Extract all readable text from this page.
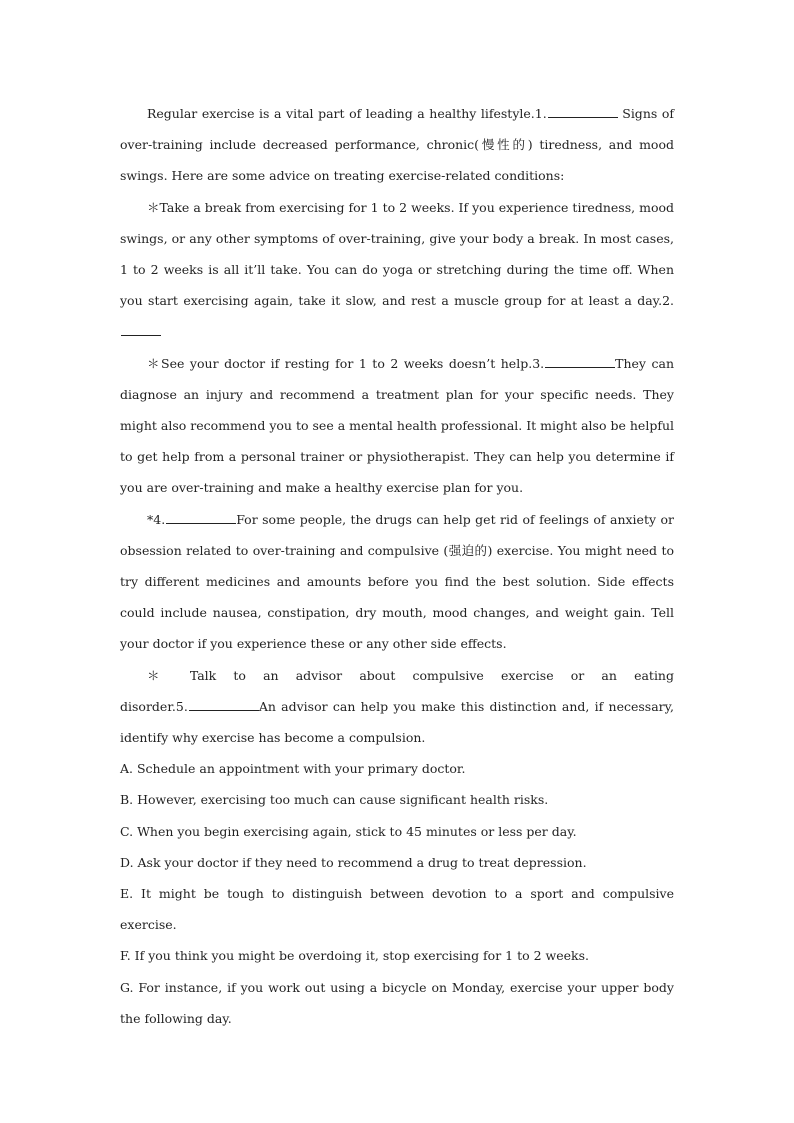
Regular exercise is a vital part of leading a healthy lifestyle.1.	Signs of over-training include decreased performance, chronic(慢性的) tiredness, and mood swings. Here are some advice on treating exercise-related conditions:

＊Take a break from exercising for 1 to 2 weeks. If you experience tiredness, mood swings, or any other symptoms of over-training, give your body a break. In most cases, 1 to 2 weeks is all it’ll take. You can do yoga or stretching during the time off. When you start exercising again, take it slow, and rest a muscle group for at least a day.2.

＊See your doctor if resting for 1 to 2 weeks doesn’t help.3.	They can diagnose an injury and recommend a treatment plan for your specific needs. They might also recommend you to see a mental health professional. It might also be helpful to get help from a personal trainer or physiotherapist. They can help you determine if you are over-training and make a healthy exercise plan for you.

*4.	For some people, the drugs can help get rid of feelings of anxiety or obsession related to over-training and compulsive (强迫的) exercise. You might need to try different medicines and amounts before you find the best solution. Side effects could include nausea, constipation, dry mouth, mood changes, and weight gain. Tell your doctor if you experience these or any other side effects.

＊ Talk to an advisor about compulsive exercise or an eating

disorder.5.	An advisor can help you make this distinction and, if necessary, identify why exercise has become a compulsion.

A. Schedule an appointment with your primary doctor.

B. However, exercising too much can cause significant health risks.

C. When you begin exercising again, stick to 45 minutes or less per day.

D. Ask your doctor if they need to recommend a drug to treat depression.

E. It might be tough to distinguish between devotion to a sport and compulsive exercise.

F. If you think you might be overdoing it, stop exercising for 1 to 2 weeks.

G. For instance, if you work out using a bicycle on Monday, exercise your upper body the following day.
